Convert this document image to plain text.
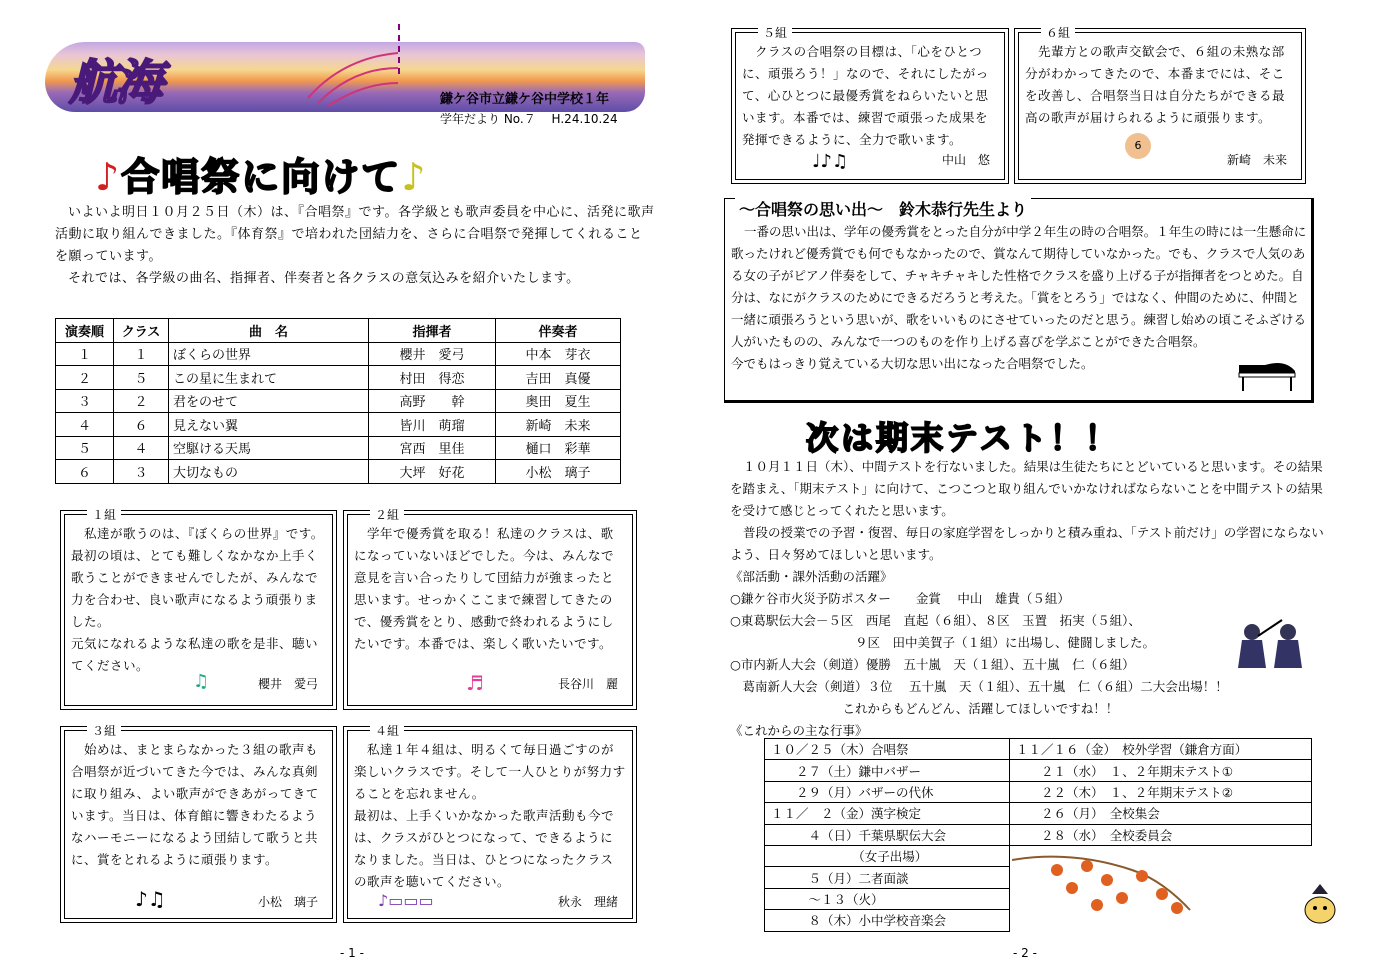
航海	鎌ケ谷市立鎌ケ谷中学校１年
学年だより No.７　 H.24.10.24
♪合唱祭に向けて♪

いよいよ明日１０月２５日（木）は、『合唱祭』です。各学級とも歌声委員を中心に、活発に歌声活動に取り組んできました。『体育祭』で培われた団結力を、さらに合唱祭で発揮してくれることを願っています。

それでは、各学級の曲名、指揮者、伴奏者と各クラスの意気込みを紹介いたします。

演奏順	クラス	曲　名	指揮者	伴奏者
１	１	ぼくらの世界	櫻井　愛弓	中本　芽衣
２	５	この星に生まれて	村田　得恋	吉田　真優
３	２	君をのせて	高野　　幹	奥田　夏生
４	６	見えない翼	皆川　萌瑠	新崎　未来
５	４	空駆ける天馬	宮西　里佳	樋口　彩華
６	３	大切なもの	大坪　好花	小松　璃子
１組

私達が歌うのは、『ぼくらの世界』です。最初の頃は、とても難しくなかなか上手く歌うことができませんでしたが、みんなで力を合わせ、良い歌声になるよう頑張りました。
元気になれるような私達の歌を是非、聴いてください。

♫	櫻井　愛弓
２組

学年で優秀賞を取る！私達のクラスは、歌になっていないほどでした。今は、みんなで意見を言い合ったりして団結力が強まったと思います。せっかくここまで練習してきたので、優秀賞をとり、感動で終われるようにしたいです。本番では、楽しく歌いたいです。

♬	長谷川　麗
３組

始めは、まとまらなかった３組の歌声も合唱祭が近づいてきた今では、みんな真剣に取り組み、よい歌声ができあがってきています。当日は、体育館に響きわたるようなハーモニーになるよう団結して歌うと共に、賞をとれるように頑張ります。

♪♫	小松　璃子
４組

私達１年４組は、明るくて毎日過ごすのが楽しいクラスです。そして一人ひとりが努力することを忘れません。
最初は、上手くいかなかった歌声活動も今では、クラスがひとつになって、できるようになりました。当日は、ひとつになったクラスの歌声を聴いてください。

♪▭▭▭	秋永　理緒
- 1 -
５組

クラスの合唱祭の目標は、「心をひとつに、頑張ろう！」なので、それにしたがって、心ひとつに最優秀賞をねらいたいと思います。本番では、練習で頑張った成果を発揮できるように、全力で歌います。

♩♪♫	中山　悠
６組

先輩方との歌声交歓会で、６組の未熟な部分がわかってきたので、本番までには、そこを改善し、合唱祭当日は自分たちができる最高の歌声が届けられるように頑張ります。

6
新崎　未来
～合唱祭の思い出～　鈴木恭行先生より

一番の思い出は、学年の優秀賞をとった自分が中学２年生の時の合唱祭。１年生の時には一生懸命に歌ったけれど優秀賞でも何でもなかったので、賞なんて期待していなかった。でも、クラスで人気のある女の子がピアノ伴奏をして、チャキチャキした性格でクラスを盛り上げる子が指揮者をつとめた。自分は、なにがクラスのためにできるだろうと考えた。「賞をとろう」ではなく、仲間のために、仲間と一緒に頑張ろうという思いが、歌をいいものにさせていったのだと思う。練習し始めの頃こそふざける人がいたものの、みんなで一つのものを作り上げる喜びを学ぶことができた合唱祭。
今でもはっきり覚えている大切な思い出になった合唱祭でした。

次は期末テスト！！

１０月１１日（木）、中間テストを行ないました。結果は生徒たちにとどいていると思います。その結果を踏まえ、「期末テスト」に向けて、こつこつと取り組んでいかなければならないことを中間テストの結果を受けて感じとってくれたと思います。

普段の授業での予習・復習、毎日の家庭学習をしっかりと積み重ね、「テスト前だけ」の学習にならないよう、日々努めてほしいと思います。

《部活動・課外活動の活躍》

○鎌ケ谷市火災予防ポスター　　金賞　 中山　雄貴（５組）

○東葛駅伝大会－５区　西尾　直起（６組）、８区　玉置　拓実（５組）、

　　　　　　　　　　９区　田中美賀子（１組）に出場し、健闘しました。

○市内新人大会（剣道）優勝　五十嵐　天（１組）、五十嵐　仁（６組）

　葛南新人大会（剣道）３位　 五十嵐　天（１組）、五十嵐　仁（６組）二大会出場！！

　　　　　　　　　これからもどんどん、活躍してほしいですね！！

《これからの主な行事》

１０／２５（木）合唱祭	１１／１６（金）　校外学習（鎌倉方面）
　　２７（土）鎌中バザー	　　２１（水）　１、２年期末テスト①
　　２９（月）バザーの代休	　　２２（木）　１、２年期末テスト②
１１／　２（金）漢字検定	　　２６（月）　全校集会
　　　４（日）千葉県駅伝大会	　　２８（水）　全校委員会
　　　　　　　（女子出場）	
　　　５（月）二者面談	
　　　～１３（火）	
　　　８（木）小中学校音楽会	
- 2 -
